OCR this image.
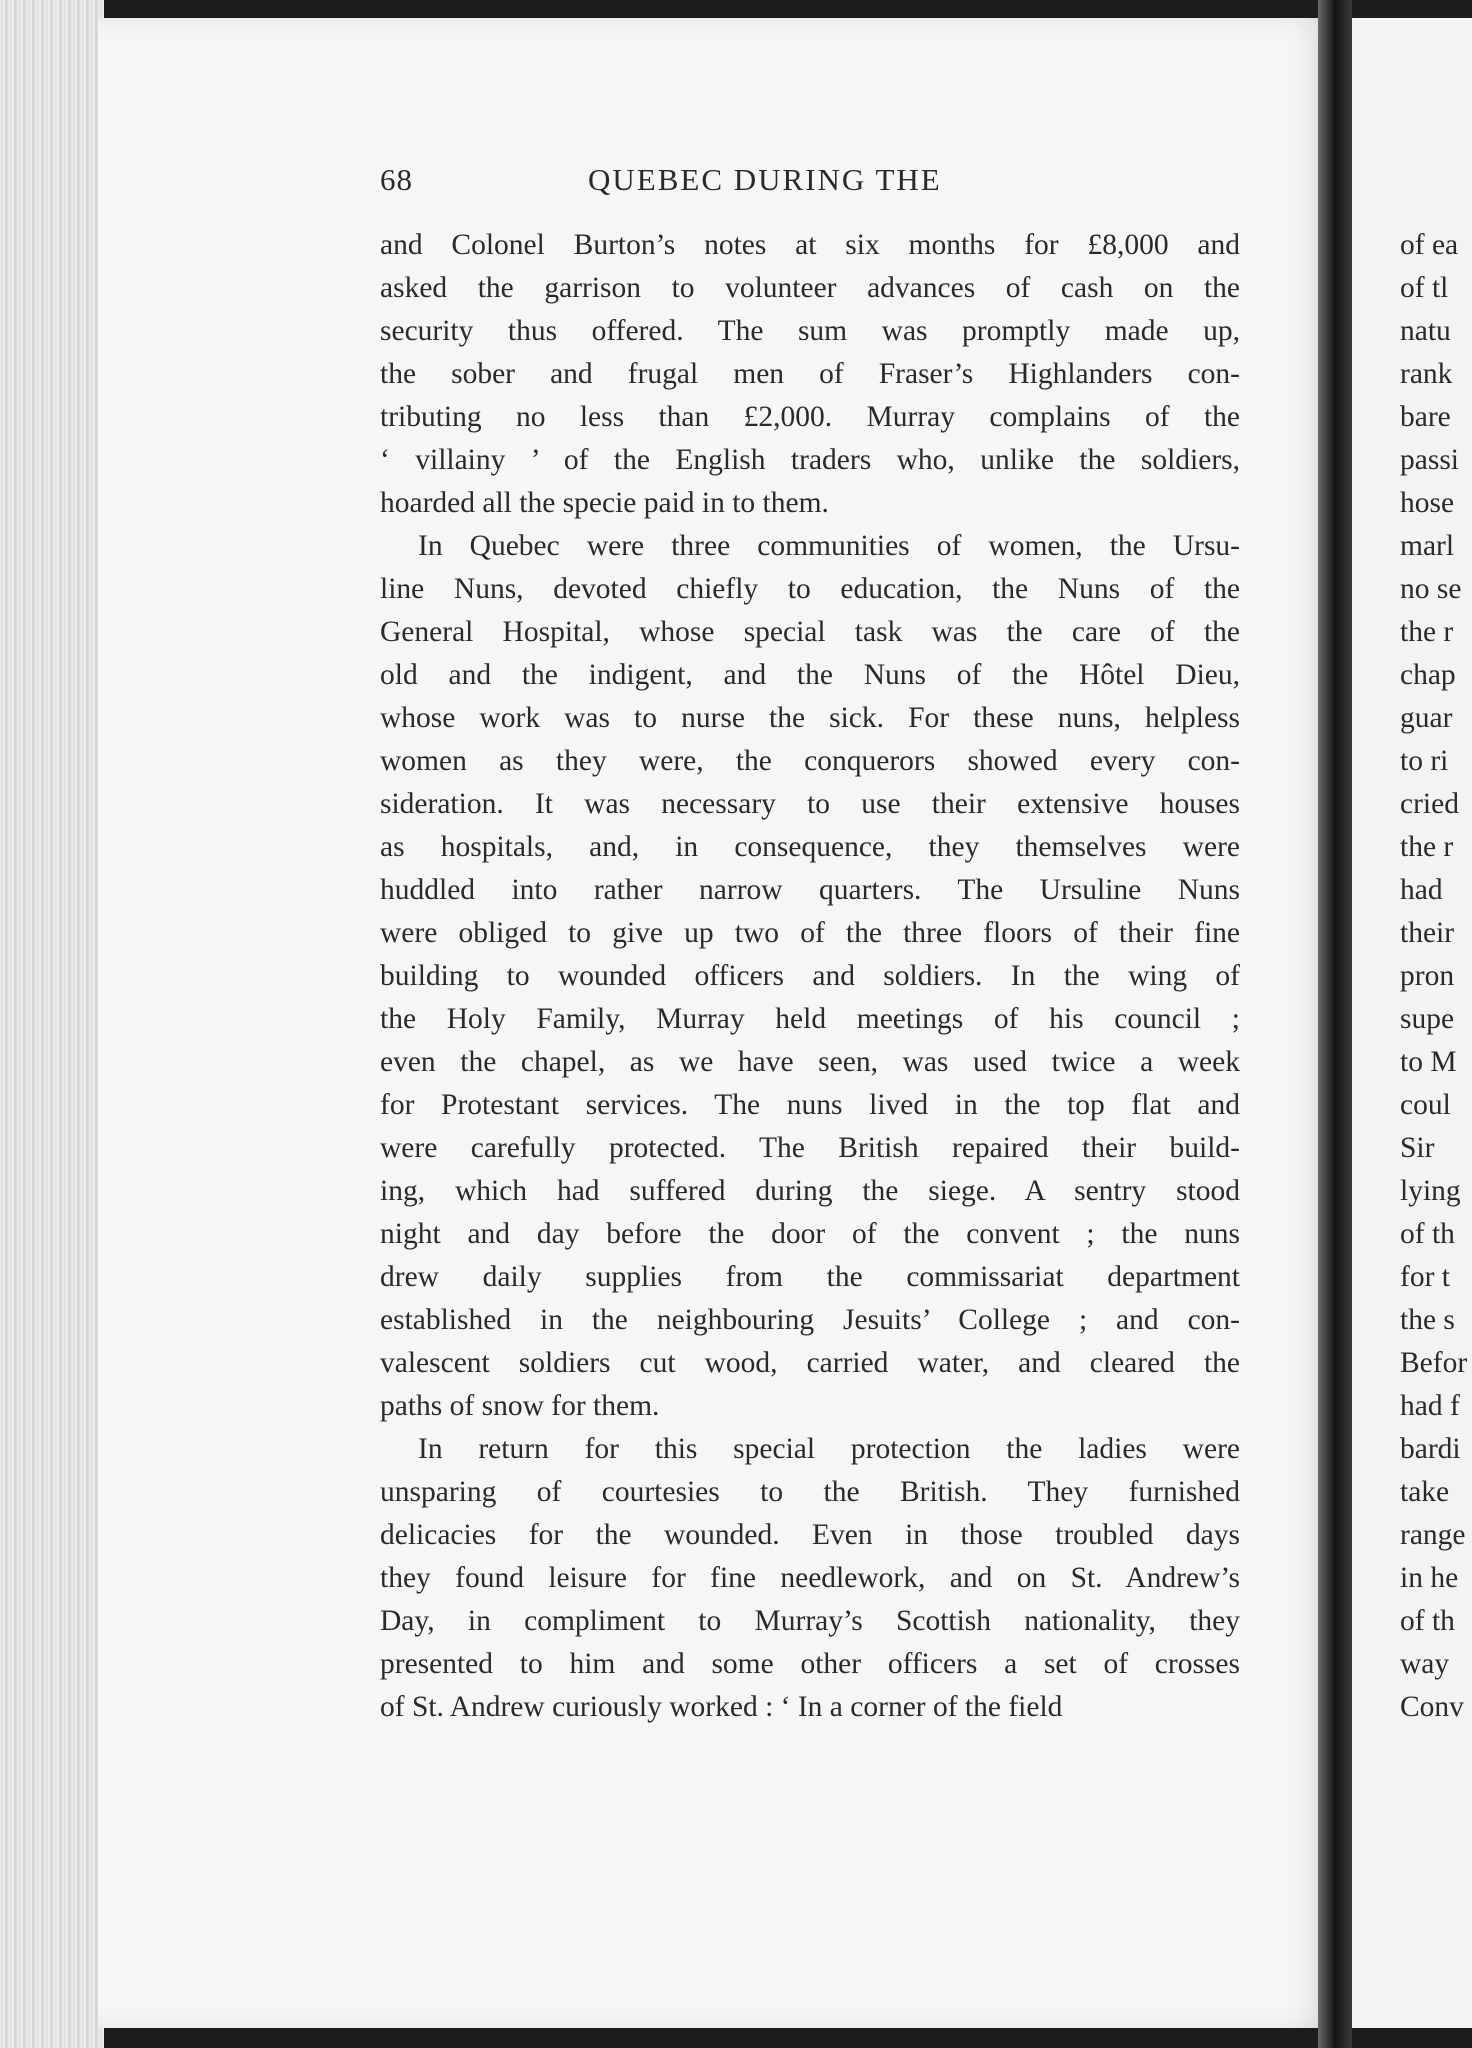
of ea
of tl
natu
rank
bare
passi
hose
marl
no se
the r
chap
guar
to ri
cried
the r
had
their
pron
supe
to M
coul
Sir
lying
of th
for t
the s
Befor
had f
bardi
take
range
in he
of th
way
Conv
68	QUEBEC DURING THE
and Colonel Burton’s notes at six months for £8,000 and
asked the garrison to volunteer advances of cash on the
security thus offered. The sum was promptly made up,
the sober and frugal men of Fraser’s Highlanders con-
tributing no less than £2,000. Murray complains of the
‘ villainy ’ of the English traders who, unlike the soldiers,
hoarded all the specie paid in to them.
In Quebec were three communities of women, the Ursu-
line Nuns, devoted chiefly to education, the Nuns of the
General Hospital, whose special task was the care of the
old and the indigent, and the Nuns of the Hôtel Dieu,
whose work was to nurse the sick. For these nuns, helpless
women as they were, the conquerors showed every con-
sideration. It was necessary to use their extensive houses
as hospitals, and, in consequence, they themselves were
huddled into rather narrow quarters. The Ursuline Nuns
were obliged to give up two of the three floors of their fine
building to wounded officers and soldiers. In the wing of
the Holy Family, Murray held meetings of his council ;
even the chapel, as we have seen, was used twice a week
for Protestant services. The nuns lived in the top flat and
were carefully protected. The British repaired their build-
ing, which had suffered during the siege. A sentry stood
night and day before the door of the convent ; the nuns
drew daily supplies from the commissariat department
established in the neighbouring Jesuits’ College ; and con-
valescent soldiers cut wood, carried water, and cleared the
paths of snow for them.
In return for this special protection the ladies were
unsparing of courtesies to the British. They furnished
delicacies for the wounded. Even in those troubled days
they found leisure for fine needlework, and on St. Andrew’s
Day, in compliment to Murray’s Scottish nationality, they
presented to him and some other officers a set of crosses
of St. Andrew curiously worked : ‘ In a corner of the field
